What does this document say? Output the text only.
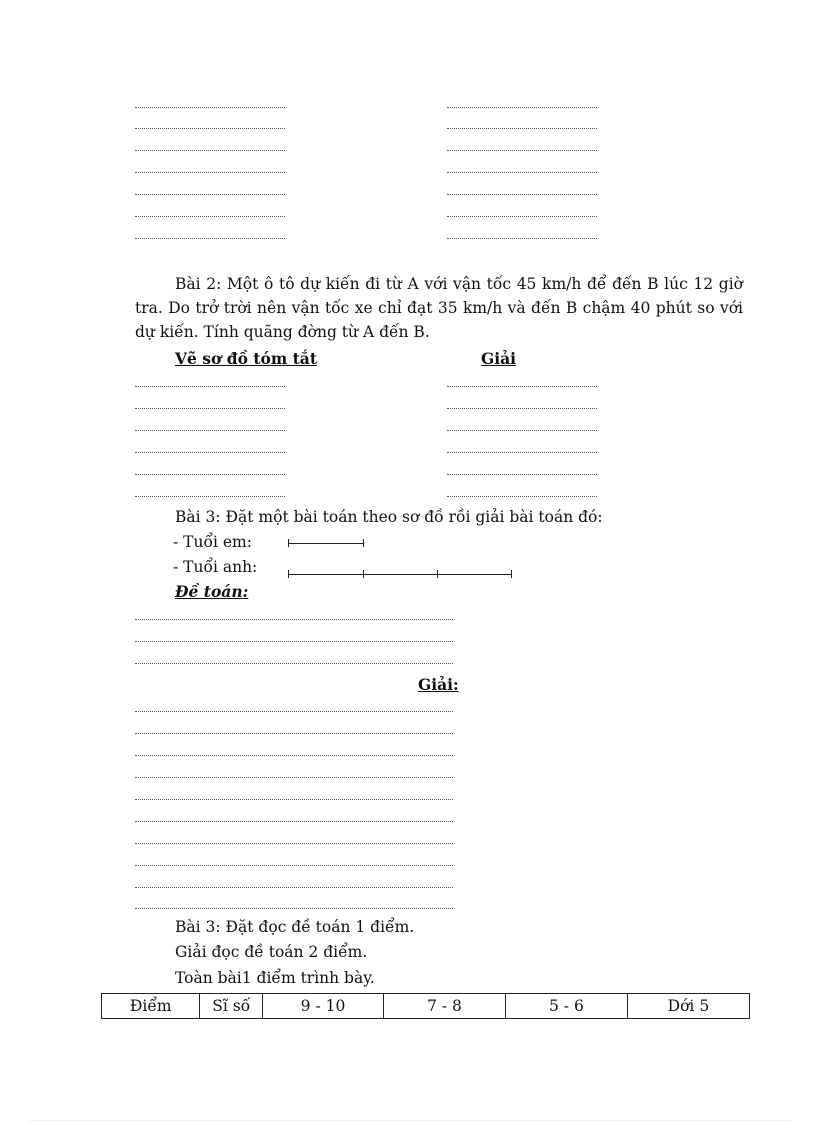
Bài 2: Một ô tô dự kiến đi từ A với vận tốc 45 km/h để đến B lúc 12 giờ tra. Do trở trời nên vận tốc xe chỉ đạt 35 km/h và đến B chậm 40 phút so với dự kiến. Tính quãng đờng từ A đến B.
Vẽ sơ đồ tóm tắt	Giải
Bài 3: Đặt một bài toán theo sơ đồ rồi giải bài toán đó:
- Tuổi em:
- Tuổi anh:
Đề toán:
Giải:
Bài 3: Đặt đọc đề toán 1 điểm.
Giải đọc đề toán 2 điểm.
Toàn bài1 điểm trình bày.
Điểm	Sĩ số	9 - 10	7 - 8	5 - 6	Dới 5
